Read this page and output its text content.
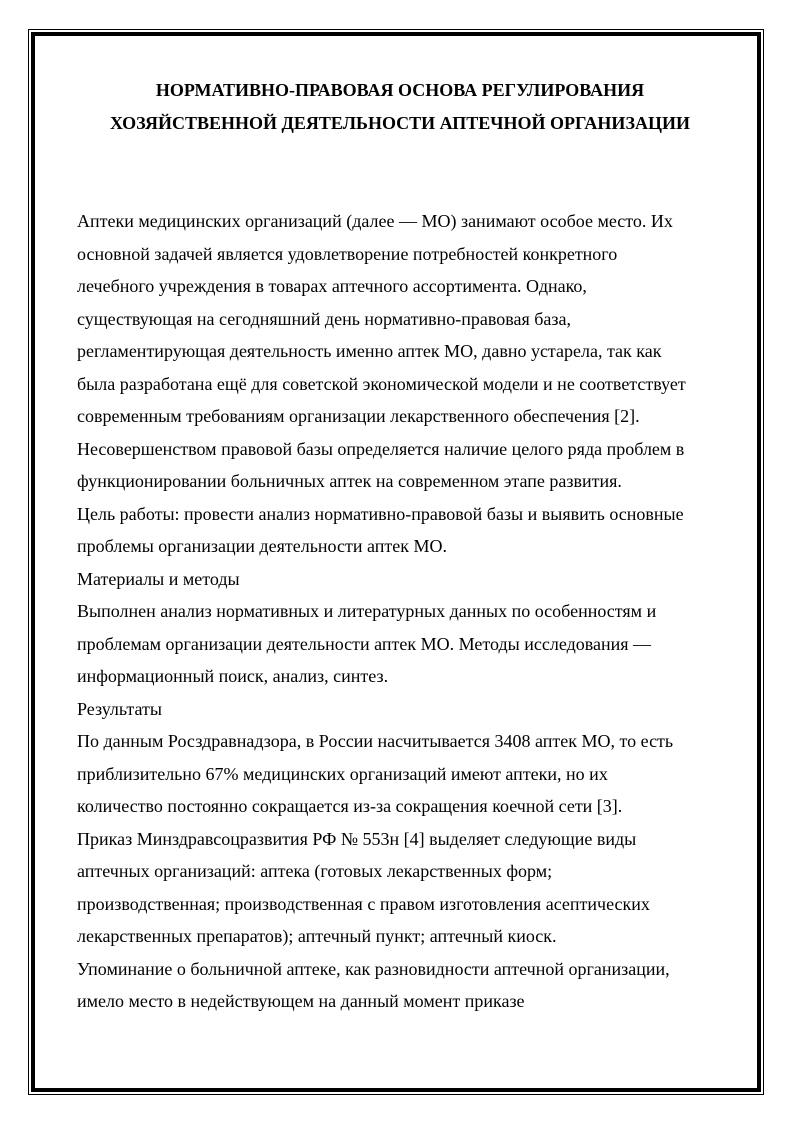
НОРМАТИВНО-ПРАВОВАЯ ОСНОВА РЕГУЛИРОВАНИЯ
ХОЗЯЙСТВЕННОЙ ДЕЯТЕЛЬНОСТИ АПТЕЧНОЙ ОРГАНИЗАЦИИ
Аптеки медицинских организаций (далее — МО) занимают особое место. Их
основной задачей является удовлетворение потребностей конкретного
лечебного учреждения в товарах аптечного ассортимента. Однако,
существующая на сегодняшний день нормативно-правовая база,
регламентирующая деятельность именно аптек МО, давно устарела, так как
была разработана ещё для советской экономической модели и не соответствует
современным требованиям организации лекарственного обеспечения [2].
Несовершенством правовой базы определяется наличие целого ряда проблем в
функционировании больничных аптек на современном этапе развития.
Цель работы: провести анализ нормативно-правовой базы и выявить основные
проблемы организации деятельности аптек МО.
Материалы и методы
Выполнен анализ нормативных и литературных данных по особенностям и
проблемам организации деятельности аптек МО. Методы исследования —
информационный поиск, анализ, синтез.
Результаты
По данным Росздравнадзора, в России насчитывается 3408 аптек МО, то есть
приблизительно 67% медицинских организаций имеют аптеки, но их
количество постоянно сокращается из-за сокращения коечной сети [3].
Приказ Минздравсоцразвития РФ № 553н [4] выделяет следующие виды
аптечных организаций: аптека (готовых лекарственных форм;
производственная; производственная с правом изготовления асептических
лекарственных препаратов); аптечный пункт; аптечный киоск.
Упоминание о больничной аптеке, как разновидности аптечной организации,
имело место в недействующем на данный момент приказе
